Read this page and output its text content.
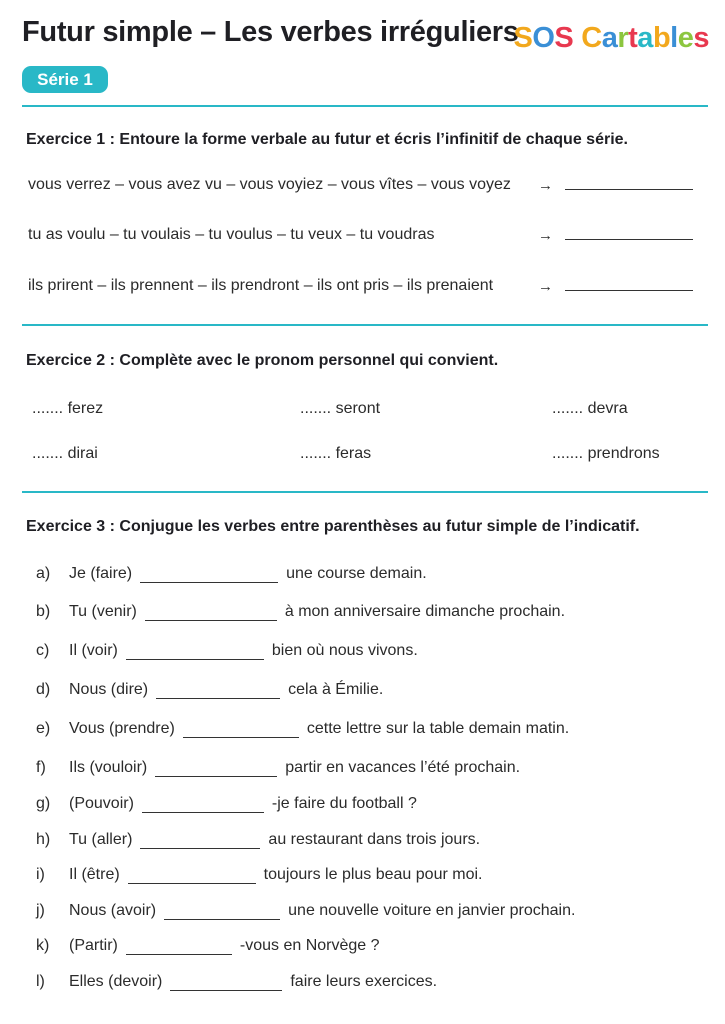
Futur simple – Les verbes irréguliers
SOS Cartables
Série 1
Exercice 1 : Entoure la forme verbale au futur et écris l’infinitif de chaque série.
vous verrez – vous avez vu – vous voyiez – vous vîtes – vous voyez →
tu as voulu – tu voulais – tu voulus – tu veux – tu voudras	→
ils prirent – ils prennent – ils prendront – ils ont pris – ils prenaient	→
Exercice 2 : Complète avec le pronom personnel qui convient.
....... ferez	....... seront	....... devra
....... dirai	....... feras	....... prendrons
Exercice 3 : Conjugue les verbes entre parenthèses au futur simple de l’indicatif.
a) Je (faire)	une course demain.
b) Tu (venir)	à mon anniversaire dimanche prochain.
c) Il (voir)	bien où nous vivons.
d) Nous (dire)	cela à Émilie.
e) Vous (prendre)	cette lettre sur la table demain matin.
f) Ils (vouloir)	partir en vacances l’été prochain.
g) (Pouvoir)	-je faire du football ?
h) Tu (aller)	au restaurant dans trois jours.
i) Il (être)	toujours le plus beau pour moi.
j) Nous (avoir)	une nouvelle voiture en janvier prochain.
k) (Partir)	-vous en Norvège ?
l) Elles (devoir)	faire leurs exercices.
